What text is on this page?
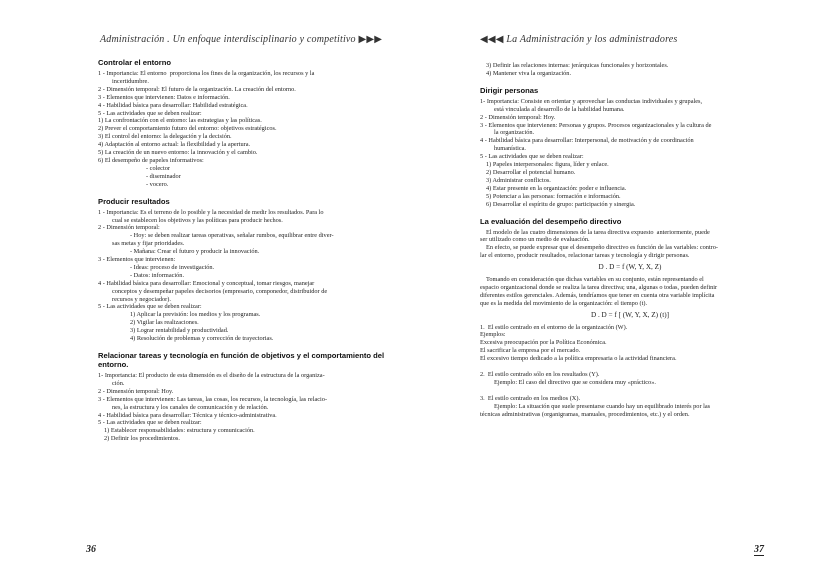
Administración . Un enfoque interdisciplinario y competitivo ▶▶▶
Controlar el entorno
1 - Importancia: El entorno  proporciona los fines de la organización, los recursos y la
incertidumbre.
2 - Dimensión temporal: El futuro de la organización. La creación del entorno.
3 - Elementos que intervienen: Datos e información.
4 - Habilidad básica para desarrollar: Habilidad estratégica.
5 - Las actividades que se deben realizar:
1) La confrontación con el entorno: las estrategias y las políticas.
2) Prever el comportamiento futuro del entorno: objetivos estratégicos.
3) El control del entorno: la delegación y la decisión.
4) Adaptación al entorno actual: la flexibilidad y la apertura.
5) La creación de un nuevo entorno: la innovación y el cambio.
6) El desempeño de papeles informativos:
- colector
- diseminador
- vocero.
Producir resultados
1 - Importancia: Es el terreno de lo posible y la necesidad de medir los resultados. Para lo
cual se establecen los objetivos y las políticas para producir hechos.
2 - Dimensión temporal:
- Hoy: se deben realizar tareas operativas, señalar rumbos, equilibrar entre diver-
sas metas y fijar prioridades.
- Mañana: Crear el futuro y producir la innovación.
3 - Elementos que intervienen:
- Ideas: proceso de investigación.
- Datos: información.
4 - Habilidad básica para desarrollar: Emocional y conceptual, tomar riesgos, manejar
conceptos y desempeñar papeles decisorios (empresario, componedor, distribuidor de
recursos y negociador).
5 - Las actividades que se deben realizar:
1) Aplicar la previsión: los medios y los programas.
2) Vigilar las realizaciones.
3) Lograr rentabilidad y productividad.
4) Resolución de problemas y corrección de trayectorias.
Relacionar tareas y tecnología en función de objetivos y el comportamiento del entorno.
1- Importancia: El producto de esta dimensión es el diseño de la estructura de la organiza-
ción.
2 - Dimensión temporal: Hoy.
3 - Elementos que intervienen: Las tareas, las cosas, los recursos, la tecnología, las relacio-
nes, la estructura y los canales de comunicación y de relación.
4 - Habilidad básica para desarrollar: Técnica y técnico-administrativa.
5 - Las actividades que se deben realizar:
1) Establecer responsabilidades: estructura y comunicación.
2) Definir los procedimientos.
36
◀◀◀ La Administración y los administradores
3) Definir las relaciones internas: jerárquicas funcionales y horizontales.
4) Mantener viva la organización.
Dirigir personas
1- Importancia: Consiste en orientar y aprovechar las conductas individuales y grupales,
está vinculada al desarrollo de la habilidad humana.
2 - Dimensión temporal: Hoy.
3 - Elementos que intervienen: Personas y grupos. Procesos organizacionales y la cultura de
la organización.
4 - Habilidad básica para desarrollar: Interpersonal, de motivación y de coordinación
humanística.
5 - Las actividades que se deben realizar:
1) Papeles interpersonales: figura, líder y enlace.
2) Desarrollar el potencial humano.
3) Administrar conflictos.
4) Estar presente en la organización: poder e influencia.
5) Potenciar a las personas: formación e información.
6) Desarrollar el espíritu de grupo: participación y sinergia.
La evaluación del desempeño directivo
El modelo de las cuatro dimensiones de la tarea directiva expuesto  anteriormente, puede
ser utilizado como un medio de evaluación.
En efecto, se puede expresar que el desempeño directivo es función de las variables: contro-
lar el entorno, producir resultados, relacionar tareas y tecnología y dirigir personas.
D . D = f (W, Y, X, Z)
Tomando en consideración que dichas variables en su conjunto, están representando el
espacio organizacional donde se realiza la tarea directiva; una, algunas o todas, pueden definir
diferentes estilos gerenciales. Además, tendríamos que tener en cuenta otra variable implícita
que es la medida del movimiento de la organización: el tiempo (t).
D . D = f [ (W, Y, X, Z) (t)]
1.  El estilo centrado en el entorno de la organización (W).
Ejemplos:
Excesiva preocupación por la Política Económica.
El sacrificar la empresa por el mercado.
El excesivo tiempo dedicado a la política empresaria o la actividad financiera.

2.  El estilo centrado sólo en los resultados (Y).
Ejemplo: El caso del directivo que se considera muy «práctico».

3.  El estilo centrado en los medios (X).
Ejemplo: La situación que suele presentarse cuando hay un equilibrado interés por las
técnicas administrativas (organigramas, manuales, procedimientos, etc.) y el orden.
37
